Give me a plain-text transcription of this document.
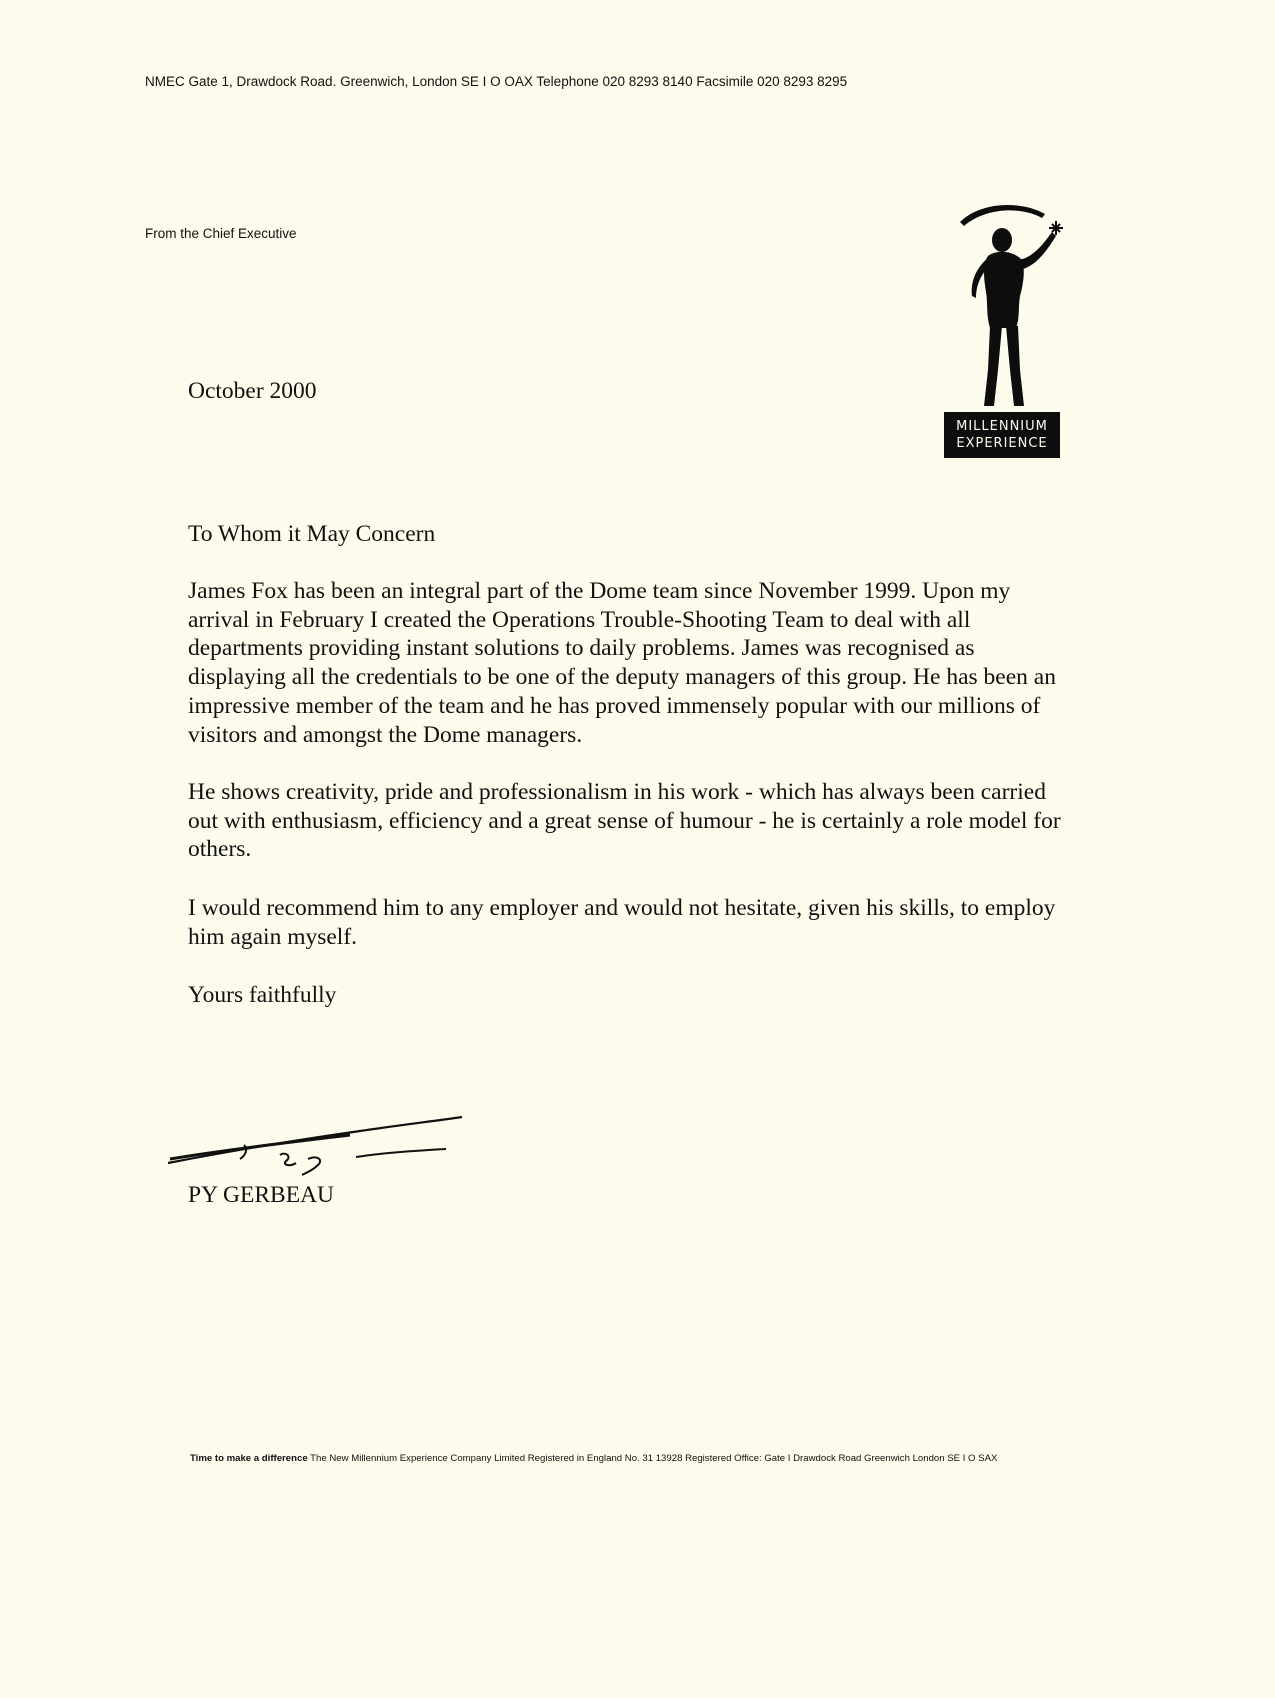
NMEC Gate 1, Drawdock Road. Greenwich, London SE I O OAX Telephone 020 8293 8140 Facsimile 020 8293 8295
From the Chief Executive
MILLENNIUM
EXPERIENCE
October 2000
To Whom it May Concern

James Fox has been an integral part of the Dome team since November 1999. Upon my arrival in February I created the Operations Trouble-Shooting Team to deal with all departments providing instant solutions to daily problems. James was recognised as displaying all the credentials to be one of the deputy managers of this group. He has been an impressive member of the team and he has proved immensely popular with our millions of visitors and amongst the Dome managers.

He shows creativity, pride and professionalism in his work - which has always been carried out with enthusiasm, efficiency and a great sense of humour - he is certainly a role model for others.

I would recommend him to any employer and would not hesitate, given his skills, to employ him again myself.

Yours faithfully
PY GERBEAU
Time to make a difference The New Millennium Experience Company Limited Registered in England No. 31 13928 Registered Office: Gate I Drawdock Road Greenwich London SE I O SAX
